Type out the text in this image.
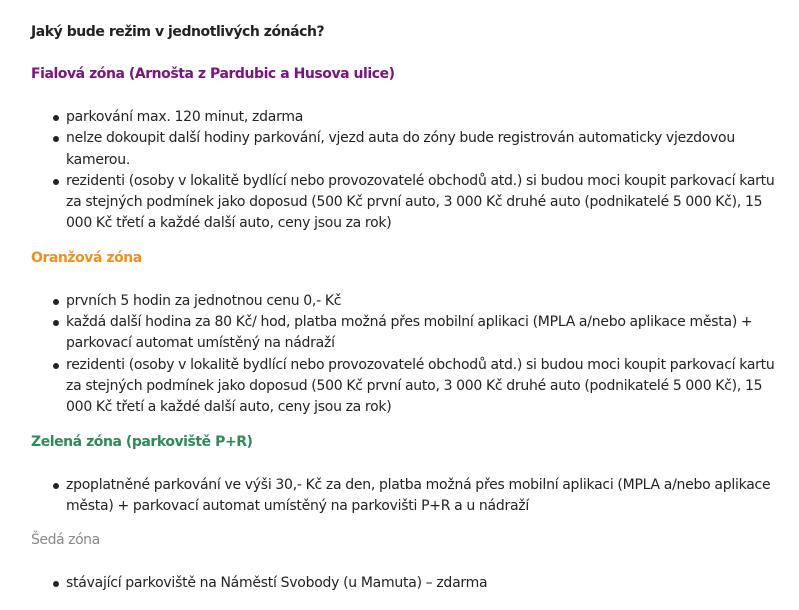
Jaký bude režim v jednotlivých zónách?
Fialová zóna (Arnošta z Pardubic a Husova ulice)
parkování max. 120 minut, zdarma
nelze dokoupit další hodiny parkování, vjezd auta do zóny bude registrován automaticky vjezdovou kamerou.
rezidenti (osoby v lokalitě bydlící nebo provozovatelé obchodů atd.) si budou moci koupit parkovací kartu za stejných podmínek jako doposud (500 Kč první auto, 3 000 Kč druhé auto (podnikatelé 5 000 Kč), 15 000 Kč třetí a každé další auto, ceny jsou za rok)
Oranžová zóna
prvních 5 hodin za jednotnou cenu 0,- Kč
každá další hodina za 80 Kč/ hod, platba možná přes mobilní aplikaci (MPLA a/nebo aplikace města) + parkovací automat umístěný na nádraží
rezidenti (osoby v lokalitě bydlící nebo provozovatelé obchodů atd.) si budou moci koupit parkovací kartu za stejných podmínek jako doposud (500 Kč první auto, 3 000 Kč druhé auto (podnikatelé 5 000 Kč), 15 000 Kč třetí a každé další auto, ceny jsou za rok)
Zelená zóna (parkoviště P+R)
zpoplatněné parkování ve výši 30,- Kč za den, platba možná přes mobilní aplikaci (MPLA a/nebo aplikace města) + parkovací automat umístěný na parkovišti P+R a u nádraží
Šedá zóna
stávající parkoviště na Náměstí Svobody (u Mamuta) – zdarma
